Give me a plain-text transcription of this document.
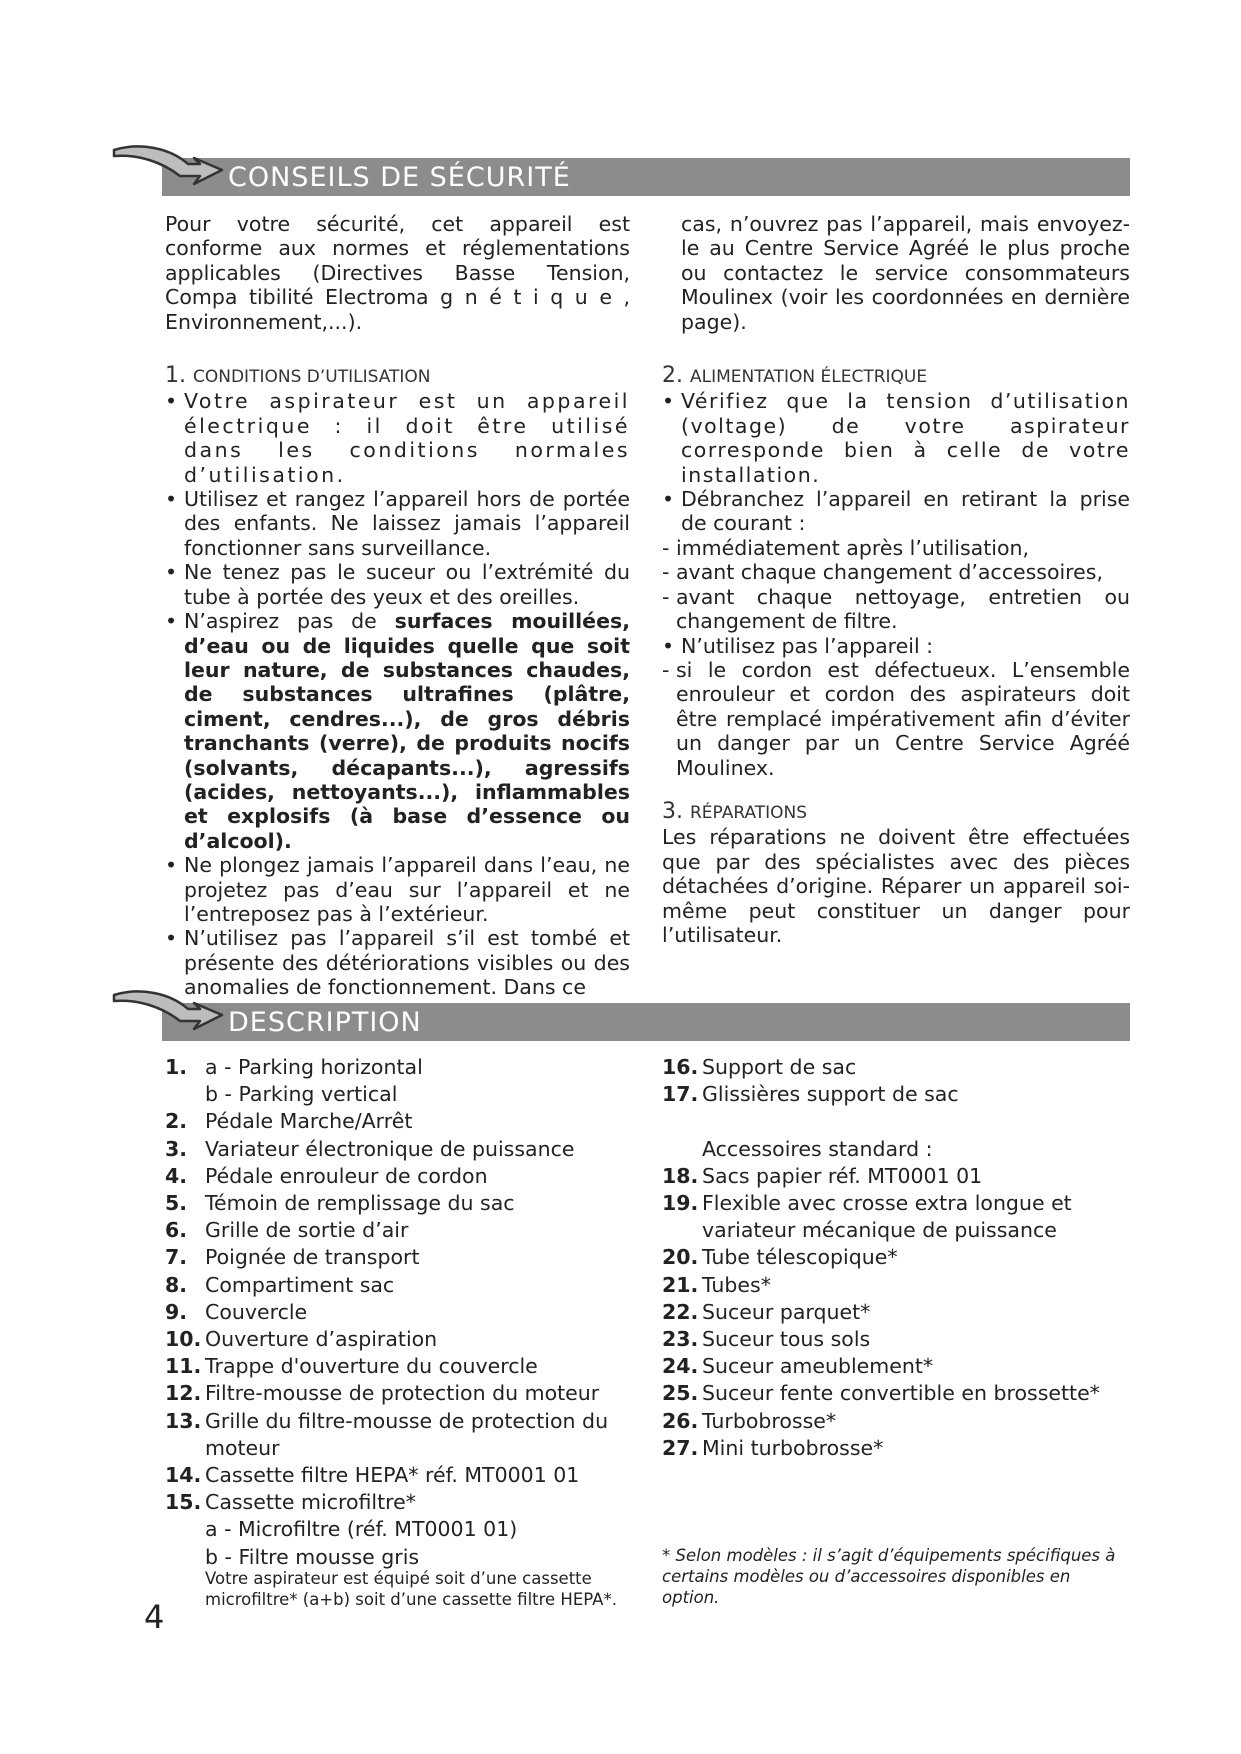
CONSEILS DE SÉCURITÉ

Pour votre sécurité, cet appareil est conforme aux normes et réglementations applicables (Directives Basse Tension, Compa tibilité Electroma g n é t i q u e , Environnement,...).

1. CONDITIONS D’UTILISATION

• Votre aspirateur est un appareil électrique : il doit être utilisé dans les conditions normales d’utilisation.

• Utilisez et rangez l’appareil hors de portée des enfants. Ne laissez jamais l’appareil fonctionner sans surveillance.

• Ne tenez pas le suceur ou l’extrémité du tube à portée des yeux et des oreilles.

• N’aspirez pas de surfaces mouillées, d’eau ou de liquides quelle que soit leur nature, de substances chaudes, de substances ultrafines (plâtre, ciment, cendres...), de gros débris tranchants (verre), de produits nocifs (solvants, décapants...), agressifs (acides, nettoyants...), inflammables et explosifs (à base d’essence ou d’alcool).

• Ne plongez jamais l’appareil dans l’eau, ne projetez pas d’eau sur l’appareil et ne l’entreposez pas à l’extérieur.

• N’utilisez pas l’appareil s’il est tombé et présente des détériorations visibles ou des anomalies de fonctionnement. Dans ce

cas, n’ouvrez pas l’appareil, mais envoyez-le au Centre Service Agréé le plus proche ou contactez le service consommateurs Moulinex (voir les coordonnées en dernière page).

2. ALIMENTATION ÉLECTRIQUE

• Vérifiez que la tension d’utilisation (voltage) de votre aspirateur corresponde bien à celle de votre installation.

• Débranchez l’appareil en retirant la prise de courant :

- immédiatement après l’utilisation,

- avant chaque changement d’accessoires,

- avant chaque nettoyage, entretien ou changement de filtre.

• N’utilisez pas l’appareil :

- si le cordon est défectueux. L’ensemble enrouleur et cordon des aspirateurs doit être remplacé impérativement afin d’éviter un danger par un Centre Service Agréé Moulinex.

3. RÉPARATIONS

Les réparations ne doivent être effectuées que par des spécialistes avec des pièces détachées d’origine. Réparer un appareil soi-même peut constituer un danger pour l’utilisateur.

DESCRIPTION
1. a - Parking horizontal
b - Parking vertical
2. Pédale Marche/Arrêt
3. Variateur électronique de puissance
4. Pédale enrouleur de cordon
5. Témoin de remplissage du sac
6. Grille de sortie d’air
7. Poignée de transport
8. Compartiment sac
9. Couvercle
10. Ouverture d’aspiration
11. Trappe d'ouverture du couvercle
12. Filtre-mousse de protection du moteur
13. Grille du filtre-mousse de protection du
moteur
14. Cassette filtre HEPA* réf. MT0001 01
15. Cassette microfiltre*
a - Microfiltre (réf. MT0001 01)
b - Filtre mousse gris
Votre aspirateur est équipé soit d’une cassette microfiltre* (a+b) soit d’une cassette filtre HEPA*.
16. Support de sac
17. Glissières support de sac

Accessoires standard :
18. Sacs papier réf. MT0001 01
19. Flexible avec crosse extra longue et
variateur mécanique de puissance
20. Tube télescopique*
21. Tubes*
22. Suceur parquet*
23. Suceur tous sols
24. Suceur ameublement*
25. Suceur fente convertible en brossette*
26. Turbobrosse*
27. Mini turbobrosse*
* Selon modèles : il s’agit d’équipements spécifiques à certains modèles ou d’accessoires disponibles en option.
4
